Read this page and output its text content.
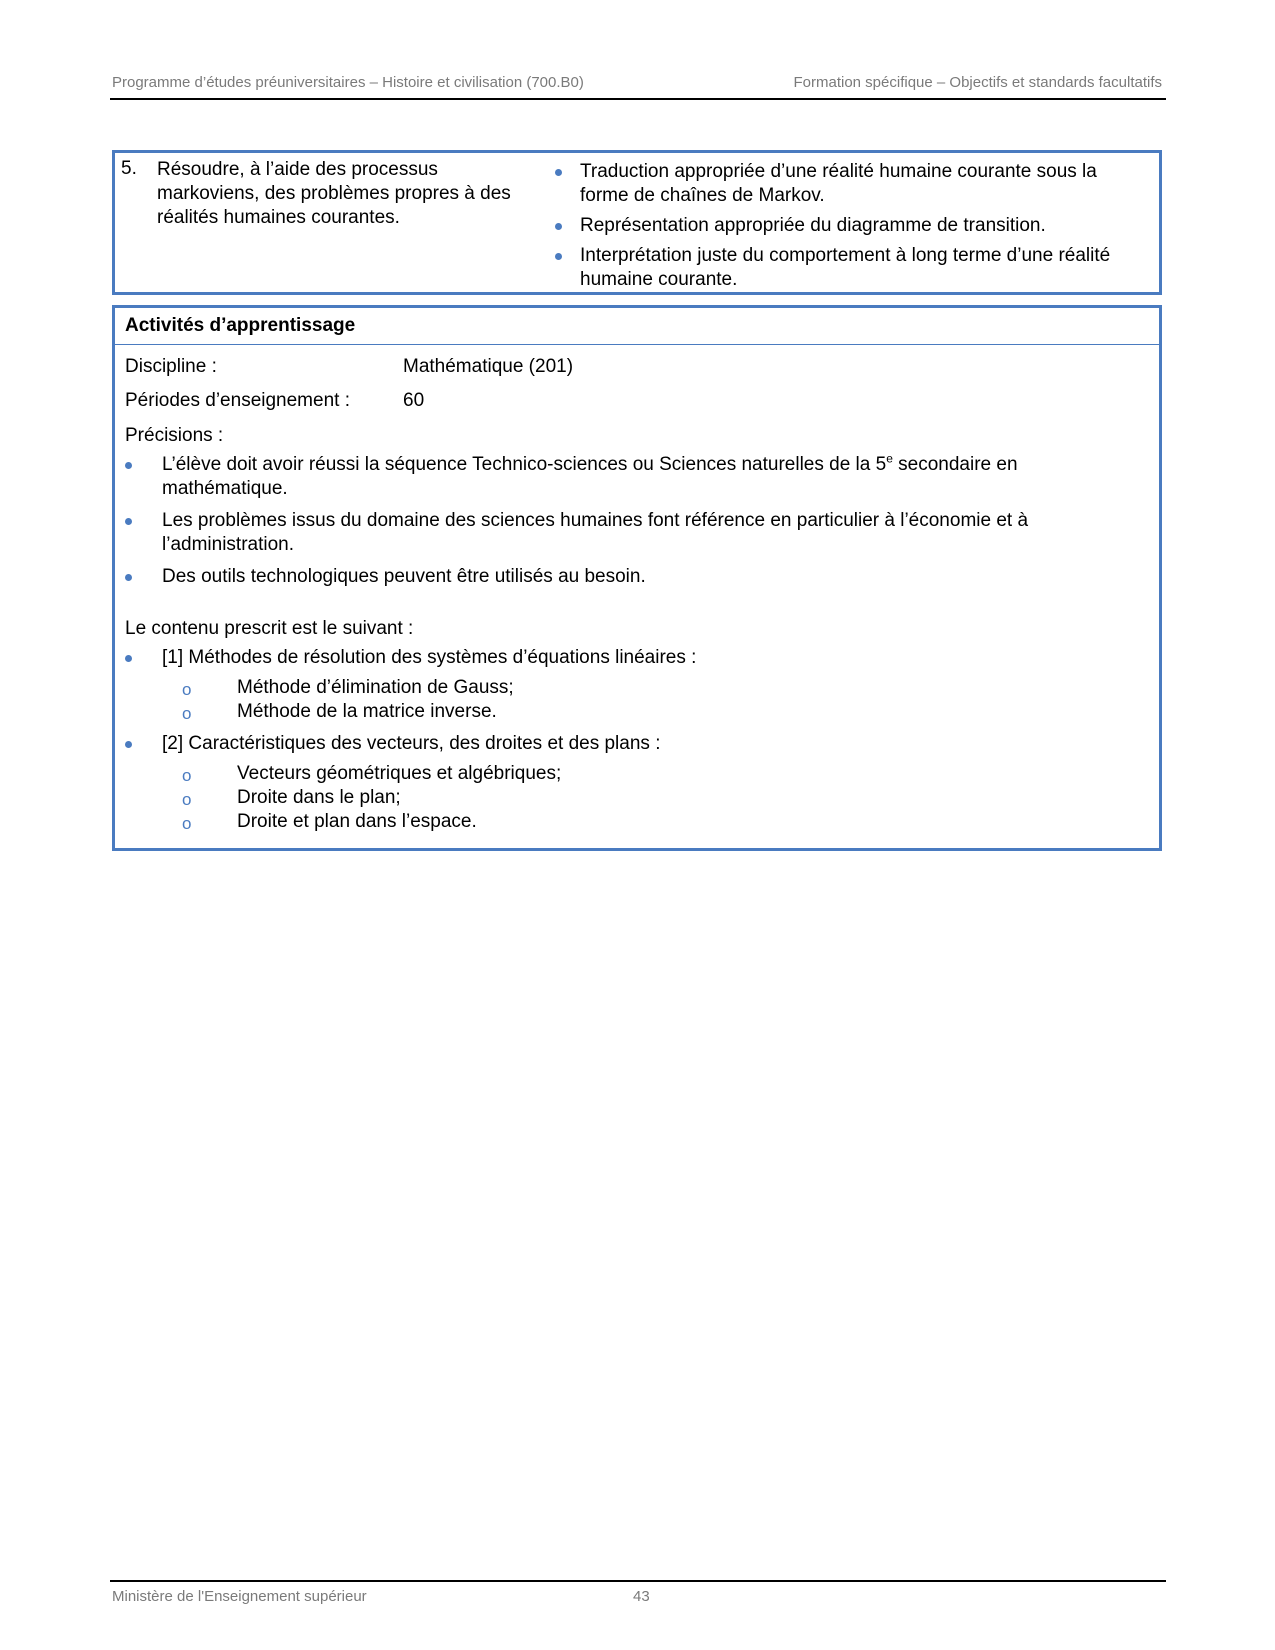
Programme d’études préuniversitaires – Histoire et civilisation (700.B0)	Formation spécifique – Objectifs et standards facultatifs
5. Résoudre, à l’aide des processus markoviens, des problèmes propres à des réalités humaines courantes.
Traduction appropriée d’une réalité humaine courante sous la forme de chaînes de Markov.
Représentation appropriée du diagramme de transition.
Interprétation juste du comportement à long terme d’une réalité humaine courante.
Activités d’apprentissage
Discipline :	Mathématique (201)
Périodes d’enseignement :	60
Précisions :
L’élève doit avoir réussi la séquence Technico-sciences ou Sciences naturelles de la 5e secondaire en mathématique.
Les problèmes issus du domaine des sciences humaines font référence en particulier à l’économie et à l’administration.
Des outils technologiques peuvent être utilisés au besoin.
Le contenu prescrit est le suivant :
[1] Méthodes de résolution des systèmes d’équations linéaires :
o Méthode d’élimination de Gauss;
o Méthode de la matrice inverse.
[2] Caractéristiques des vecteurs, des droites et des plans :
o Vecteurs géométriques et algébriques;
o Droite dans le plan;
o Droite et plan dans l’espace.
Ministère de l'Enseignement supérieur	43
